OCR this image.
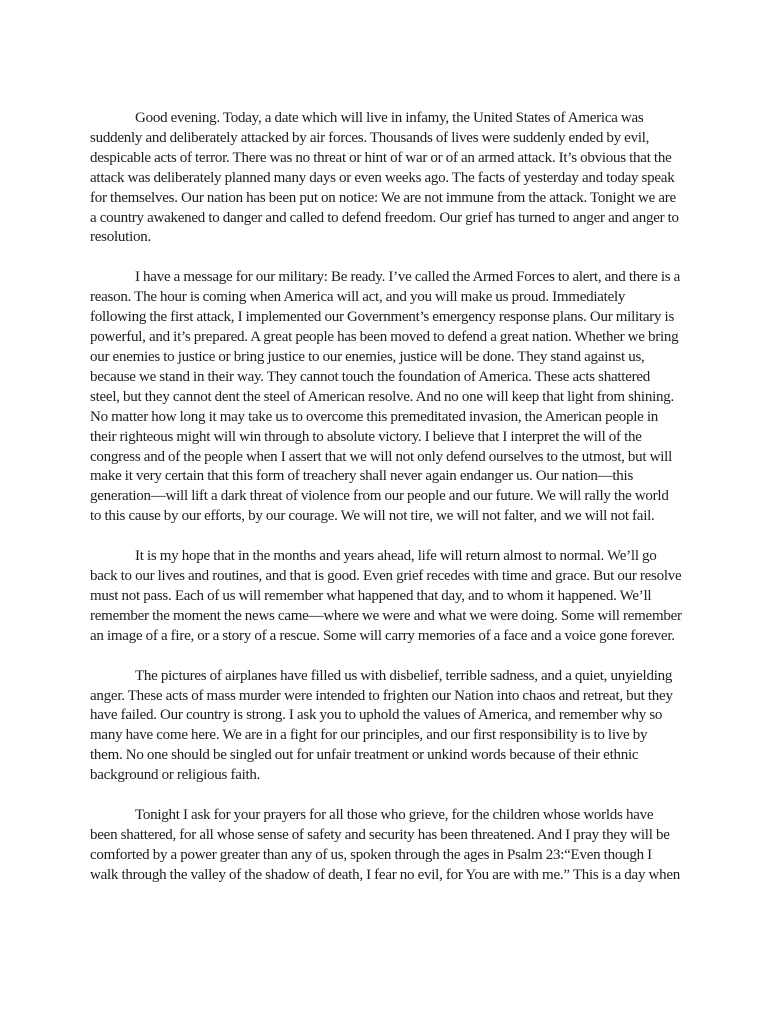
Good evening. Today, a date which will live in infamy, the United States of America was suddenly and deliberately attacked by air forces. Thousands of lives were suddenly ended by evil, despicable acts of terror. There was no threat or hint of war or of an armed attack. It’s obvious that the attack was deliberately planned many days or even weeks ago. The facts of yesterday and today speak for themselves. Our nation has been put on notice: We are not immune from the attack. Tonight we are a country awakened to danger and called to defend freedom. Our grief has turned to anger and anger to resolution.

I have a message for our military: Be ready. I’ve called the Armed Forces to alert, and there is a reason. The hour is coming when America will act, and you will make us proud. Immediately following the first attack, I implemented our Government’s emergency response plans. Our military is powerful, and it’s prepared. A great people has been moved to defend a great nation. Whether we bring our enemies to justice or bring justice to our enemies, justice will be done. They stand against us, because we stand in their way. They cannot touch the foundation of America. These acts shattered steel, but they cannot dent the steel of American resolve. And no one will keep that light from shining. No matter how long it may take us to overcome this premeditated invasion, the American people in their righteous might will win through to absolute victory. I believe that I interpret the will of the congress and of the people when I assert that we will not only defend ourselves to the utmost, but will make it very certain that this form of treachery shall never again endanger us. Our nation—this generation—will lift a dark threat of violence from our people and our future. We will rally the world to this cause by our efforts, by our courage. We will not tire, we will not falter, and we will not fail.

It is my hope that in the months and years ahead, life will return almost to normal. We’ll go back to our lives and routines, and that is good. Even grief recedes with time and grace. But our resolve must not pass. Each of us will remember what happened that day, and to whom it happened. We’ll remember the moment the news came—where we were and what we were doing. Some will remember an image of a fire, or a story of a rescue. Some will carry memories of a face and a voice gone forever.

The pictures of airplanes have filled us with disbelief, terrible sadness, and a quiet, unyielding anger. These acts of mass murder were intended to frighten our Nation into chaos and retreat, but they have failed. Our country is strong. I ask you to uphold the values of America, and remember why so many have come here. We are in a fight for our principles, and our first responsibility is to live by them. No one should be singled out for unfair treatment or unkind words because of their ethnic background or religious faith.

Tonight I ask for your prayers for all those who grieve, for the children whose worlds have been shattered, for all whose sense of safety and security has been threatened. And I pray they will be comforted by a power greater than any of us, spoken through the ages in Psalm 23:“Even though I walk through the valley of the shadow of death, I fear no evil, for You are with me.” This is a day when
